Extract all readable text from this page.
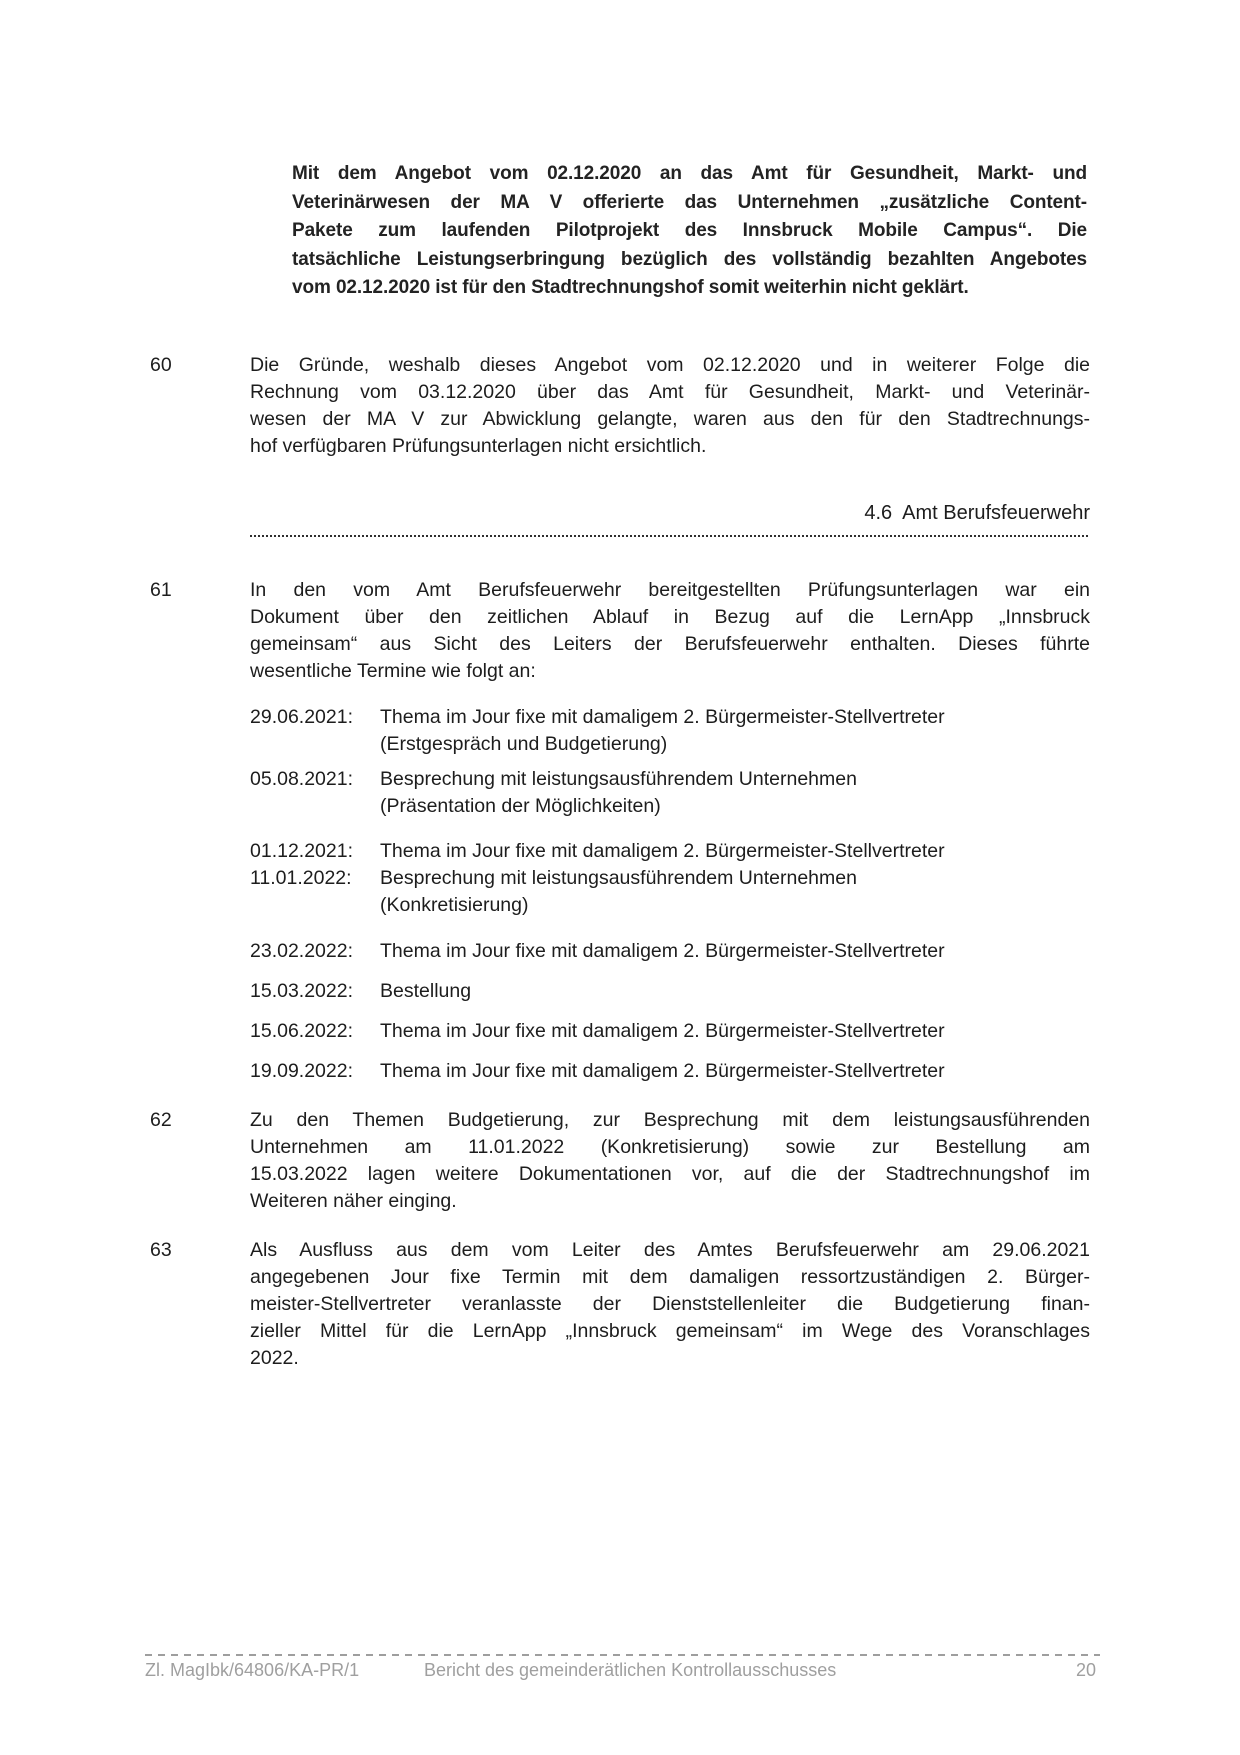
Mit dem Angebot vom 02.12.2020 an das Amt für Gesundheit, Markt- und
Veterinärwesen der MA V offerierte das Unternehmen „zusätzliche Content-
Pakete zum laufenden Pilotprojekt des Innsbruck Mobile Campus“. Die
tatsächliche Leistungserbringung bezüglich des vollständig bezahlten Angebotes
vom 02.12.2020 ist für den Stadtrechnungshof somit weiterhin nicht geklärt.
60	Die Gründe, weshalb dieses Angebot vom 02.12.2020 und in weiterer Folge die
Rechnung vom 03.12.2020 über das Amt für Gesundheit, Markt- und Veterinär-
wesen der MA V zur Abwicklung gelangte, waren aus den für den Stadtrechnungs-
hof verfügbaren Prüfungsunterlagen nicht ersichtlich.
4.6 Amt Berufsfeuerwehr
61	In den vom Amt Berufsfeuerwehr bereitgestellten Prüfungsunterlagen war ein
Dokument über den zeitlichen Ablauf in Bezug auf die LernApp „Innsbruck
gemeinsam“ aus Sicht des Leiters der Berufsfeuerwehr enthalten. Dieses führte
wesentliche Termine wie folgt an:
29.06.2021:	Thema im Jour fixe mit damaligem 2. Bürgermeister-Stellvertreter
(Erstgespräch und Budgetierung)
05.08.2021:	Besprechung mit leistungsausführendem Unternehmen
(Präsentation der Möglichkeiten)
01.12.2021:	Thema im Jour fixe mit damaligem 2. Bürgermeister-Stellvertreter
11.01.2022:	Besprechung mit leistungsausführendem Unternehmen
(Konkretisierung)
23.02.2022:	Thema im Jour fixe mit damaligem 2. Bürgermeister-Stellvertreter
15.03.2022:	Bestellung
15.06.2022:	Thema im Jour fixe mit damaligem 2. Bürgermeister-Stellvertreter
19.09.2022:	Thema im Jour fixe mit damaligem 2. Bürgermeister-Stellvertreter
62	Zu den Themen Budgetierung, zur Besprechung mit dem leistungsausführenden
Unternehmen am 11.01.2022 (Konkretisierung) sowie zur Bestellung am
15.03.2022 lagen weitere Dokumentationen vor, auf die der Stadtrechnungshof im
Weiteren näher einging.
63	Als Ausfluss aus dem vom Leiter des Amtes Berufsfeuerwehr am 29.06.2021
angegebenen Jour fixe Termin mit dem damaligen ressortzuständigen 2. Bürger-
meister-Stellvertreter veranlasste der Dienststellenleiter die Budgetierung finan-
zieller Mittel für die LernApp „Innsbruck gemeinsam“ im Wege des Voranschlages
2022.
Zl. MagIbk/64806/KA-PR/1	Bericht des gemeinderätlichen Kontrollausschusses	20
